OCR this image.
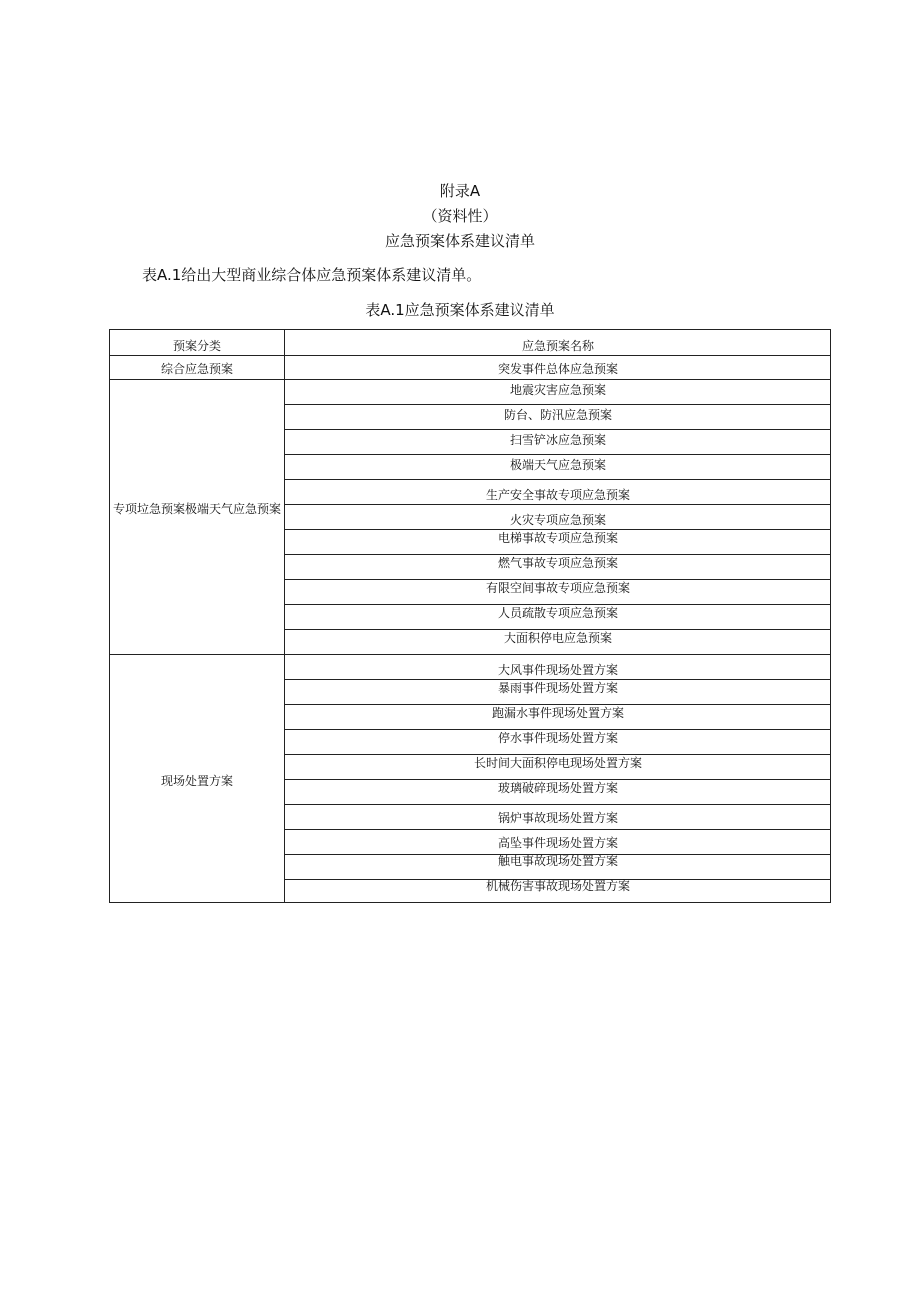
附录A
（资料性）
应急预案体系建议清单
表A.1给出大型商业综合体应急预案体系建议清单。
表A.1应急预案体系建议清单
预案分类	应急预案名称
综合应急预案	突发事件总体应急预案
专项垃急预案极端天气应急预案
地震灾害应急预案
防台、防汛应急预案
扫雪铲冰应急预案
极端天气应急预案
生产安全事故专项应急预案
火灾专项应急预案
电梯事故专项应急预案
燃气事故专项应急预案
有限空间事故专项应急预案
人员疏散专项应急预案
大面积停电应急预案
现场处置方案
大风事件现场处置方案
暴雨事件现场处置方案
跑漏水事件现场处置方案
停水事件现场处置方案
长时间大面积停电现场处置方案
玻璃破碎现场处置方案
锅炉事故现场处置方案
高坠事件现场处置方案
触电事故现场处置方案
机械伤害事故现场处置方案
